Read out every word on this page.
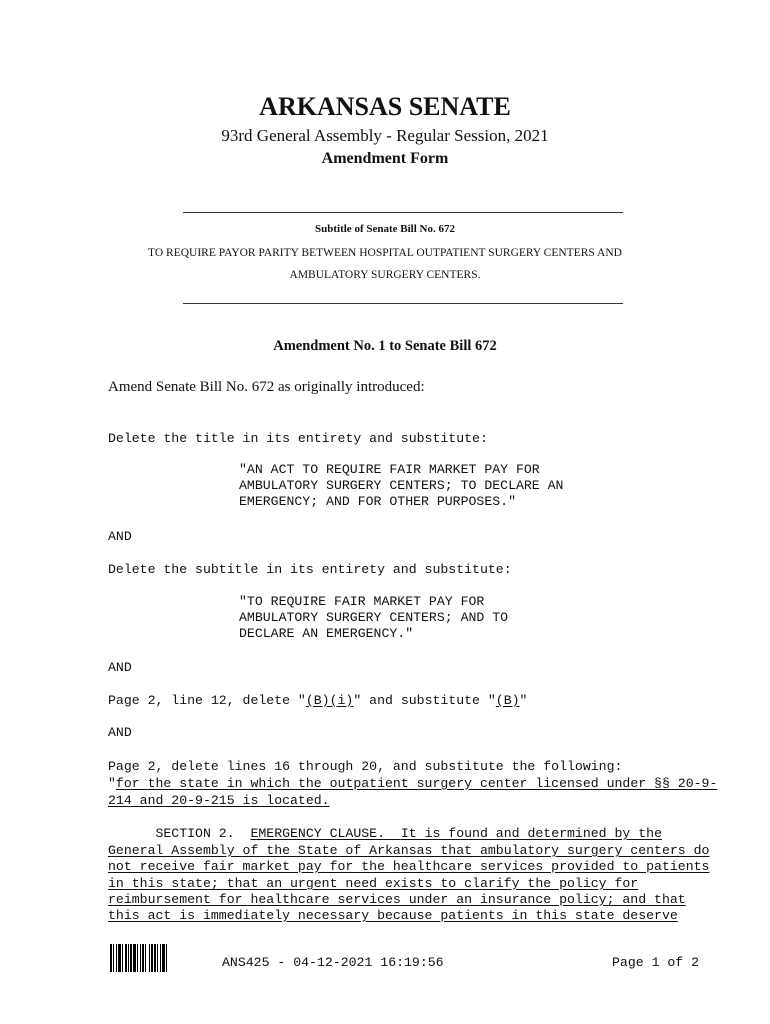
ARKANSAS SENATE
93rd General Assembly - Regular Session, 2021
Amendment Form
Subtitle of Senate Bill No. 672
TO REQUIRE PAYOR PARITY BETWEEN HOSPITAL OUTPATIENT SURGERY CENTERS AND
AMBULATORY SURGERY CENTERS.
Amendment No. 1 to Senate Bill 672
Amend Senate Bill No. 672 as originally introduced:
Delete the title in its entirety and substitute:
"AN ACT TO REQUIRE FAIR MARKET PAY FOR
AMBULATORY SURGERY CENTERS; TO DECLARE AN
EMERGENCY; AND FOR OTHER PURPOSES."
AND
Delete the subtitle in its entirety and substitute:
"TO REQUIRE FAIR MARKET PAY FOR
AMBULATORY SURGERY CENTERS; AND TO
DECLARE AN EMERGENCY."
AND
Page 2, line 12, delete "(B)(i)" and substitute "(B)"
AND
Page 2, delete lines 16 through 20, and substitute the following:
"for the state in which the outpatient surgery center licensed under §§ 20-9-
214 and 20-9-215 is located.
SECTION 2.  EMERGENCY CLAUSE. It is found and determined by the
General Assembly of the State of Arkansas that ambulatory surgery centers do
not receive fair market pay for the healthcare services provided to patients
in this state; that an urgent need exists to clarify the policy for
reimbursement for healthcare services under an insurance policy; and that
this act is immediately necessary because patients in this state deserve
ANS425 - 04-12-2021 16:19:56	Page 1 of 2
